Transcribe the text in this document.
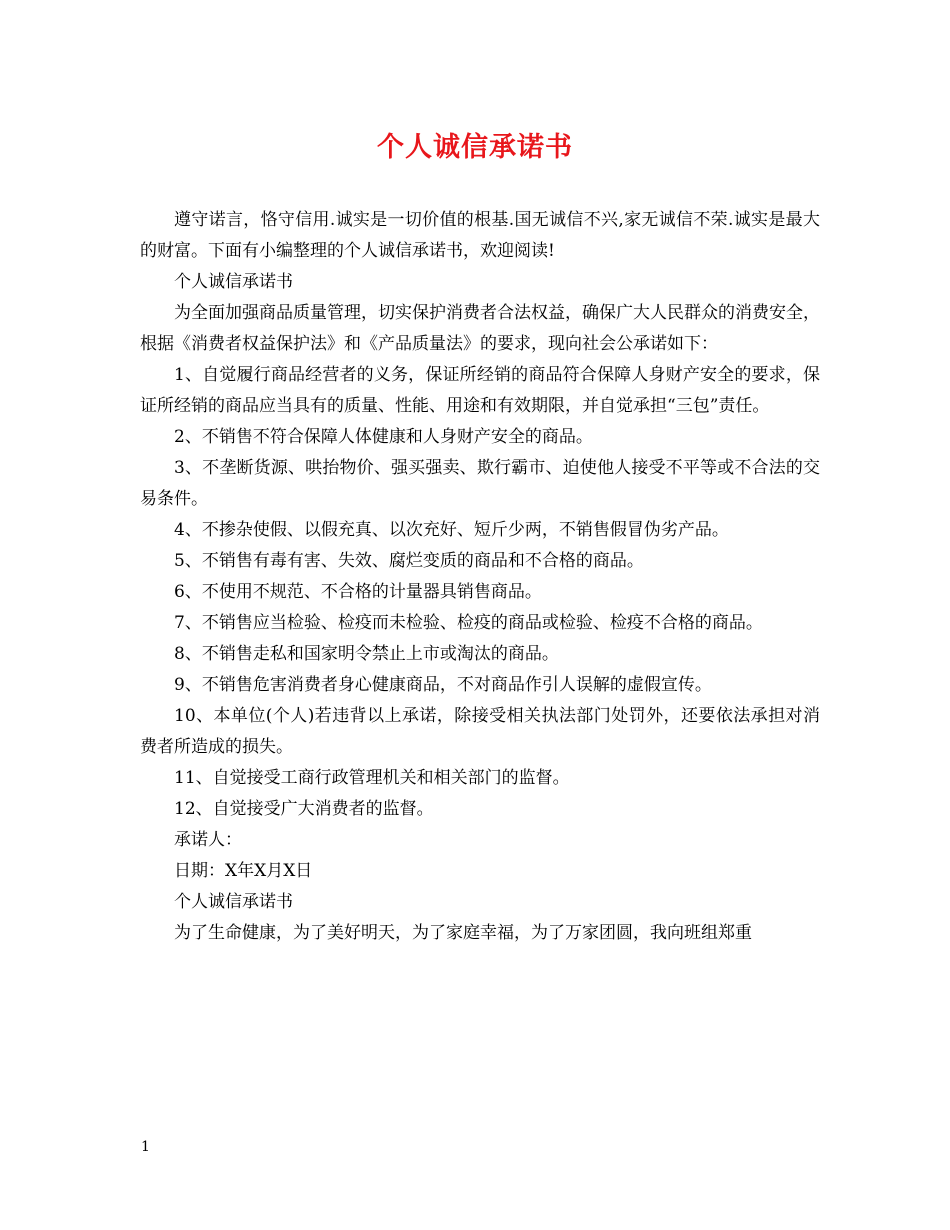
个人诚信承诺书

遵守诺言，恪守信用.诚实是一切价值的根基.国无诚信不兴,家无诚信不荣.诚实是最大的财富。下面有小编整理的个人诚信承诺书，欢迎阅读!

个人诚信承诺书

为全面加强商品质量管理，切实保护消费者合法权益，确保广大人民群众的消费安全，根据《消费者权益保护法》和《产品质量法》的要求，现向社会公承诺如下：

1、自觉履行商品经营者的义务，保证所经销的商品符合保障人身财产安全的要求，保证所经销的商品应当具有的质量、性能、用途和有效期限，并自觉承担“三包”责任。

2、不销售不符合保障人体健康和人身财产安全的商品。

3、不垄断货源、哄抬物价、强买强卖、欺行霸市、迫使他人接受不平等或不合法的交易条件。

4、不掺杂使假、以假充真、以次充好、短斤少两，不销售假冒伪劣产品。

5、不销售有毒有害、失效、腐烂变质的商品和不合格的商品。

6、不使用不规范、不合格的计量器具销售商品。

7、不销售应当检验、检疫而未检验、检疫的商品或检验、检疫不合格的商品。

8、不销售走私和国家明令禁止上市或淘汰的商品。

9、不销售危害消费者身心健康商品，不对商品作引人误解的虚假宣传。

10、本单位(个人)若违背以上承诺，除接受相关执法部门处罚外，还要依法承担对消费者所造成的损失。

11、自觉接受工商行政管理机关和相关部门的监督。

12、自觉接受广大消费者的监督。

承诺人：

日期：X年X月X日

个人诚信承诺书

为了生命健康，为了美好明天，为了家庭幸福，为了万家团圆，我向班组郑重

1
